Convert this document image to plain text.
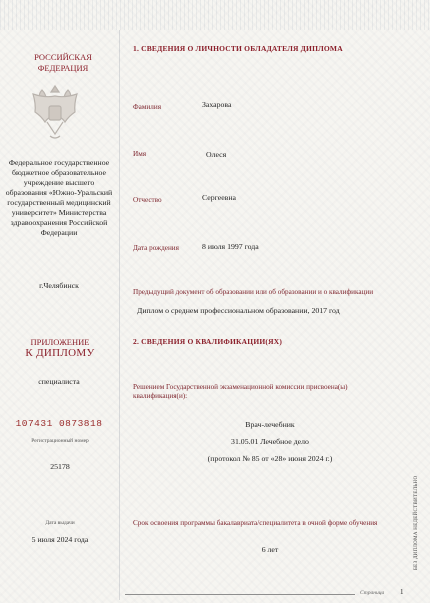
РОССИЙСКАЯ ФЕДЕРАЦИЯ
Федеральное государственное бюджетное образовательное учреждение высшего образования «Южно-Уральский государственный медицинский университет» Министерства здравоохранения Российской Федерации
г.Челябинск
ПРИЛОЖЕНИЕ
К ДИПЛОМУ
специалиста
107431 0873818
Регистрационный номер
25178
Дата выдачи
5 июля 2024 года
1. СВЕДЕНИЯ О ЛИЧНОСТИ ОБЛАДАТЕЛЯ ДИПЛОМА
Фамилия	Захарова
Имя	Олеся
Отчество	Сергеевна
Дата рождения	8 июля 1997 года
Предыдущий документ об образовании или об образовании и о квалификации
Диплом о среднем профессиональном образовании, 2017 год
2. СВЕДЕНИЯ О КВАЛИФИКАЦИИ(ЯХ)
Решением Государственной экзаменационной комиссии присвоена(ы) квалификация(и):
Врач-лечебник
31.05.01 Лечебное дело
(протокол № 85 от «28» июня 2024 г.)
Срок освоения программы бакалавриата/специалитета в очной форме обучения
6 лет
Страница 1
БЕЗ ДИПЛОМА НЕДЕЙСТВИТЕЛЬНО
